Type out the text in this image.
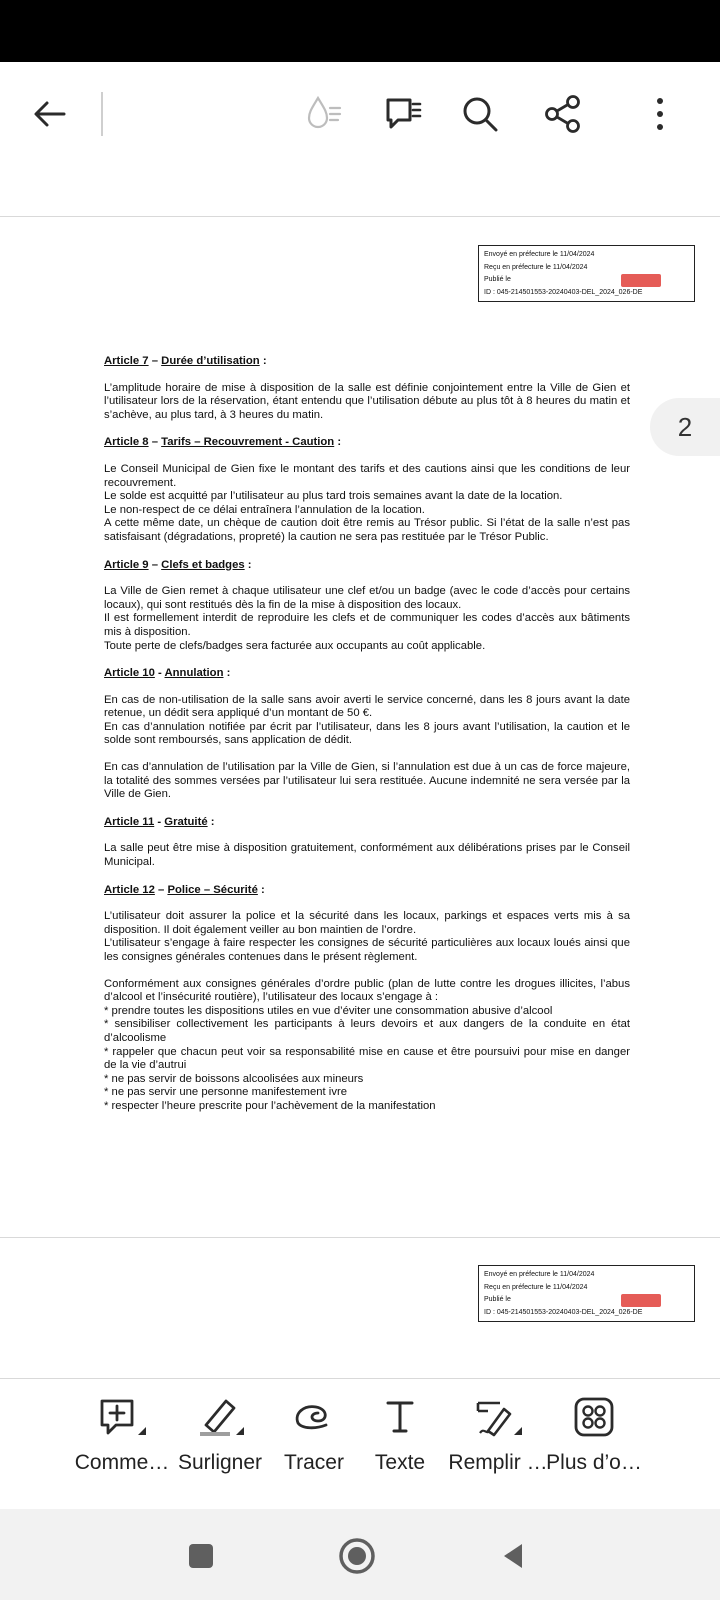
Envoyé en préfecture le 11/04/2024
Reçu en préfecture le 11/04/2024
Publié le
ID : 045-214501553-20240403-DEL_2024_026-DE
2

Article 7 – Durée d’utilisation :

L’amplitude horaire de mise à disposition de la salle est définie conjointement entre la Ville de Gien et l’utilisateur lors de la réservation, étant entendu que l’utilisation débute au plus tôt à 8 heures du matin et s’achève, au plus tard, à 3 heures du matin.

Article 8 – Tarifs – Recouvrement - Caution :

Le Conseil Municipal de Gien fixe le montant des tarifs et des cautions ainsi que les conditions de leur recouvrement.

Le solde est acquitté par l’utilisateur au plus tard trois semaines avant la date de la location.

Le non-respect de ce délai entraînera l’annulation de la location.

A cette même date, un chèque de caution doit être remis au Trésor public. Si l’état de la salle n’est pas satisfaisant (dégradations, propreté) la caution ne sera pas restituée par le Trésor Public.

Article 9 – Clefs et badges :

La Ville de Gien remet à chaque utilisateur une clef et/ou un badge (avec le code d’accès pour certains locaux), qui sont restitués dès la fin de la mise à disposition des locaux.

Il est formellement interdit de reproduire les clefs et de communiquer les codes d’accès aux bâtiments mis à disposition.

Toute perte de clefs/badges sera facturée aux occupants au coût applicable.

Article 10 - Annulation :

En cas de non-utilisation de la salle sans avoir averti le service concerné, dans les 8 jours avant la date retenue, un dédit sera appliqué d’un montant de 50 €.

En cas d’annulation notifiée par écrit par l’utilisateur, dans les 8 jours avant l’utilisation, la caution et le solde sont remboursés, sans application de dédit.

En cas d’annulation de l’utilisation par la Ville de Gien, si l’annulation est due à un cas de force majeure, la totalité des sommes versées par l’utilisateur lui sera restituée. Aucune indemnité ne sera versée par la Ville de Gien.

Article 11 - Gratuité :

La salle peut être mise à disposition gratuitement, conformément aux délibérations prises par le Conseil Municipal.

Article 12 – Police – Sécurité :

L’utilisateur doit assurer la police et la sécurité dans les locaux, parkings et espaces verts mis à sa disposition. Il doit également veiller au bon maintien de l’ordre.

L’utilisateur s’engage à faire respecter les consignes de sécurité particulières aux locaux loués ainsi que les consignes générales contenues dans le présent règlement.

Conformément aux consignes générales d’ordre public (plan de lutte contre les drogues illicites, l’abus d’alcool et l’insécurité routière), l’utilisateur des locaux s’engage à :

* prendre toutes les dispositions utiles en vue d’éviter une consommation abusive d’alcool

* sensibiliser collectivement les participants à leurs devoirs et aux dangers de la conduite en état d’alcoolisme

* rappeler que chacun peut voir sa responsabilité mise en cause et être poursuivi pour mise en danger de la vie d’autrui

* ne pas servir de boissons alcoolisées aux mineurs

* ne pas servir une personne manifestement ivre

* respecter l’heure prescrite pour l’achèvement de la manifestation

Envoyé en préfecture le 11/04/2024
Reçu en préfecture le 11/04/2024
Publié le
ID : 045-214501553-20240403-DEL_2024_026-DE
Comme… Surligner	Tracer	Texte	Remplir …
Plus d’o…
